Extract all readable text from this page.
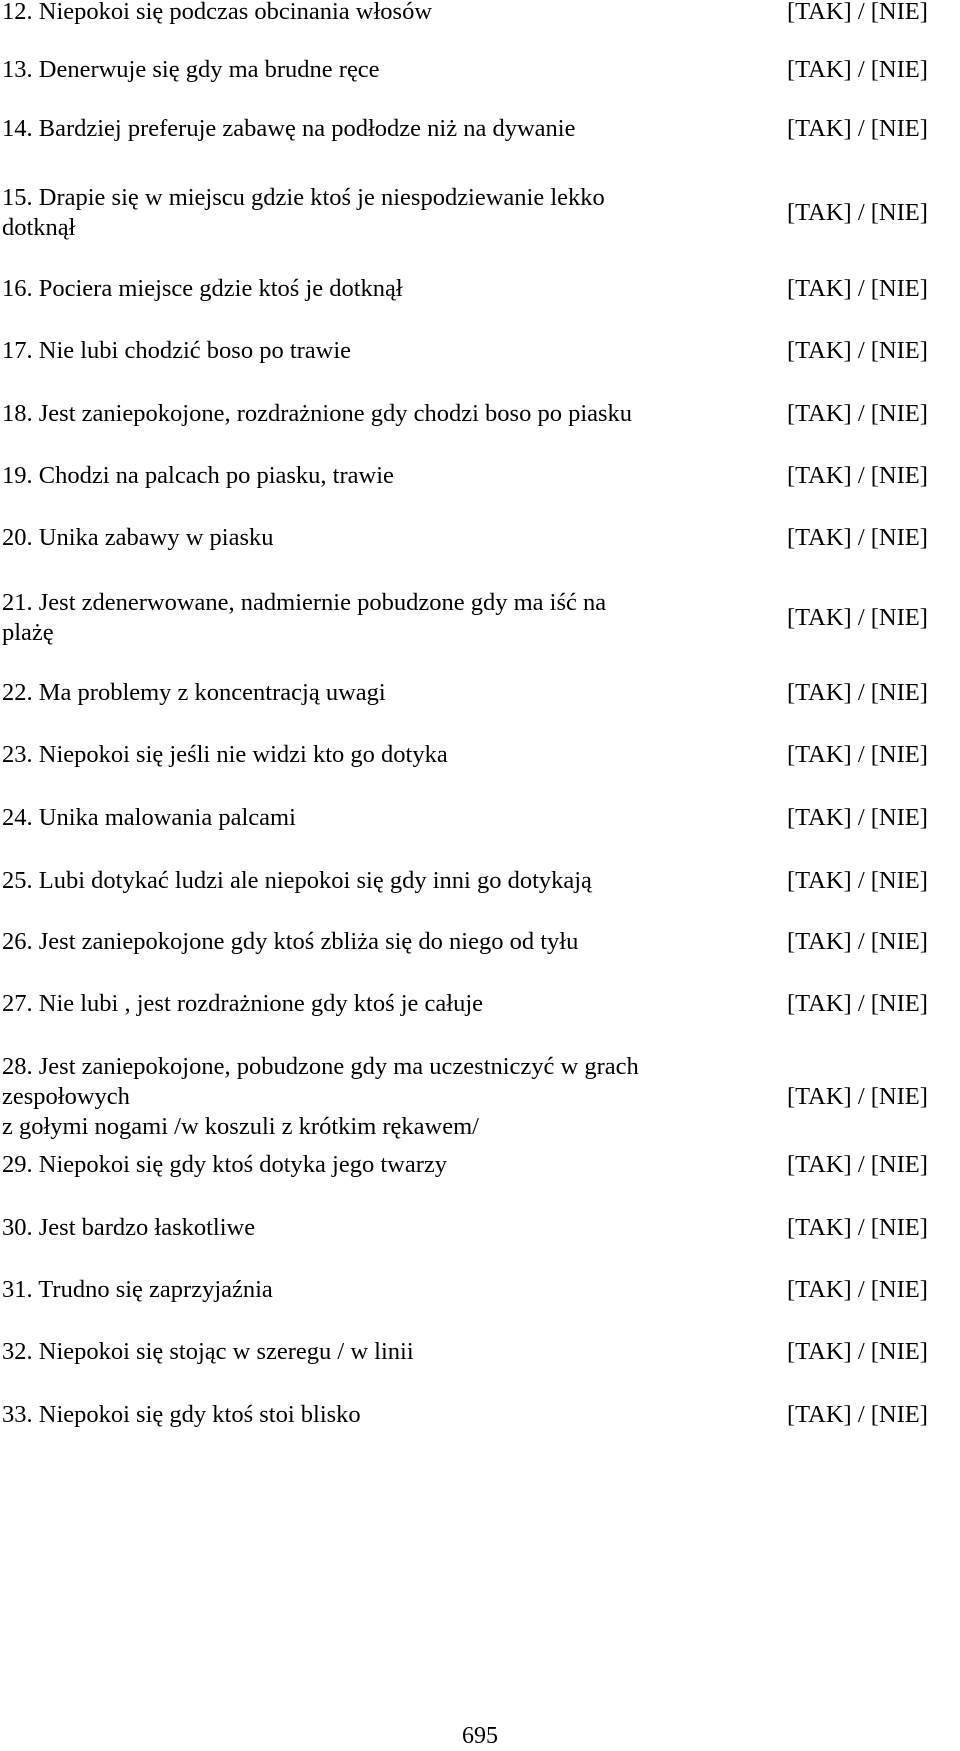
12. Niepokoi się podczas obcinania włosów	[TAK] / [NIE]
13. Denerwuje się gdy ma brudne ręce	[TAK] / [NIE]
14. Bardziej preferuje zabawę na podłodze niż na dywanie	[TAK] / [NIE]
15. Drapie się w miejscu gdzie ktoś je niespodziewanie lekko
dotknął
[TAK] / [NIE]
16. Pociera miejsce gdzie ktoś je dotknął	[TAK] / [NIE]
17. Nie lubi chodzić boso po trawie	[TAK] / [NIE]
18. Jest zaniepokojone, rozdrażnione gdy chodzi boso po piasku	[TAK] / [NIE]
19. Chodzi na palcach po piasku, trawie	[TAK] / [NIE]
20. Unika zabawy w piasku	[TAK] / [NIE]
21. Jest zdenerwowane, nadmiernie pobudzone gdy ma iść na
plażę
[TAK] / [NIE]
22. Ma problemy z koncentracją uwagi	[TAK] / [NIE]
23. Niepokoi się jeśli nie widzi kto go dotyka	[TAK] / [NIE]
24. Unika malowania palcami	[TAK] / [NIE]
25. Lubi dotykać ludzi ale niepokoi się gdy inni go dotykają	[TAK] / [NIE]
26. Jest zaniepokojone gdy ktoś zbliża się do niego od tyłu	[TAK] / [NIE]
27. Nie lubi , jest rozdrażnione gdy ktoś je całuje	[TAK] / [NIE]
28. Jest zaniepokojone, pobudzone gdy ma uczestniczyć w grach
zespołowych
z gołymi nogami /w koszuli z krótkim rękawem/
[TAK] / [NIE]
29. Niepokoi się gdy ktoś dotyka jego twarzy	[TAK] / [NIE]
30. Jest bardzo łaskotliwe	[TAK] / [NIE]
31. Trudno się zaprzyjaźnia	[TAK] / [NIE]
32. Niepokoi się stojąc w szeregu / w linii	[TAK] / [NIE]
33. Niepokoi się gdy ktoś stoi blisko	[TAK] / [NIE]
695
